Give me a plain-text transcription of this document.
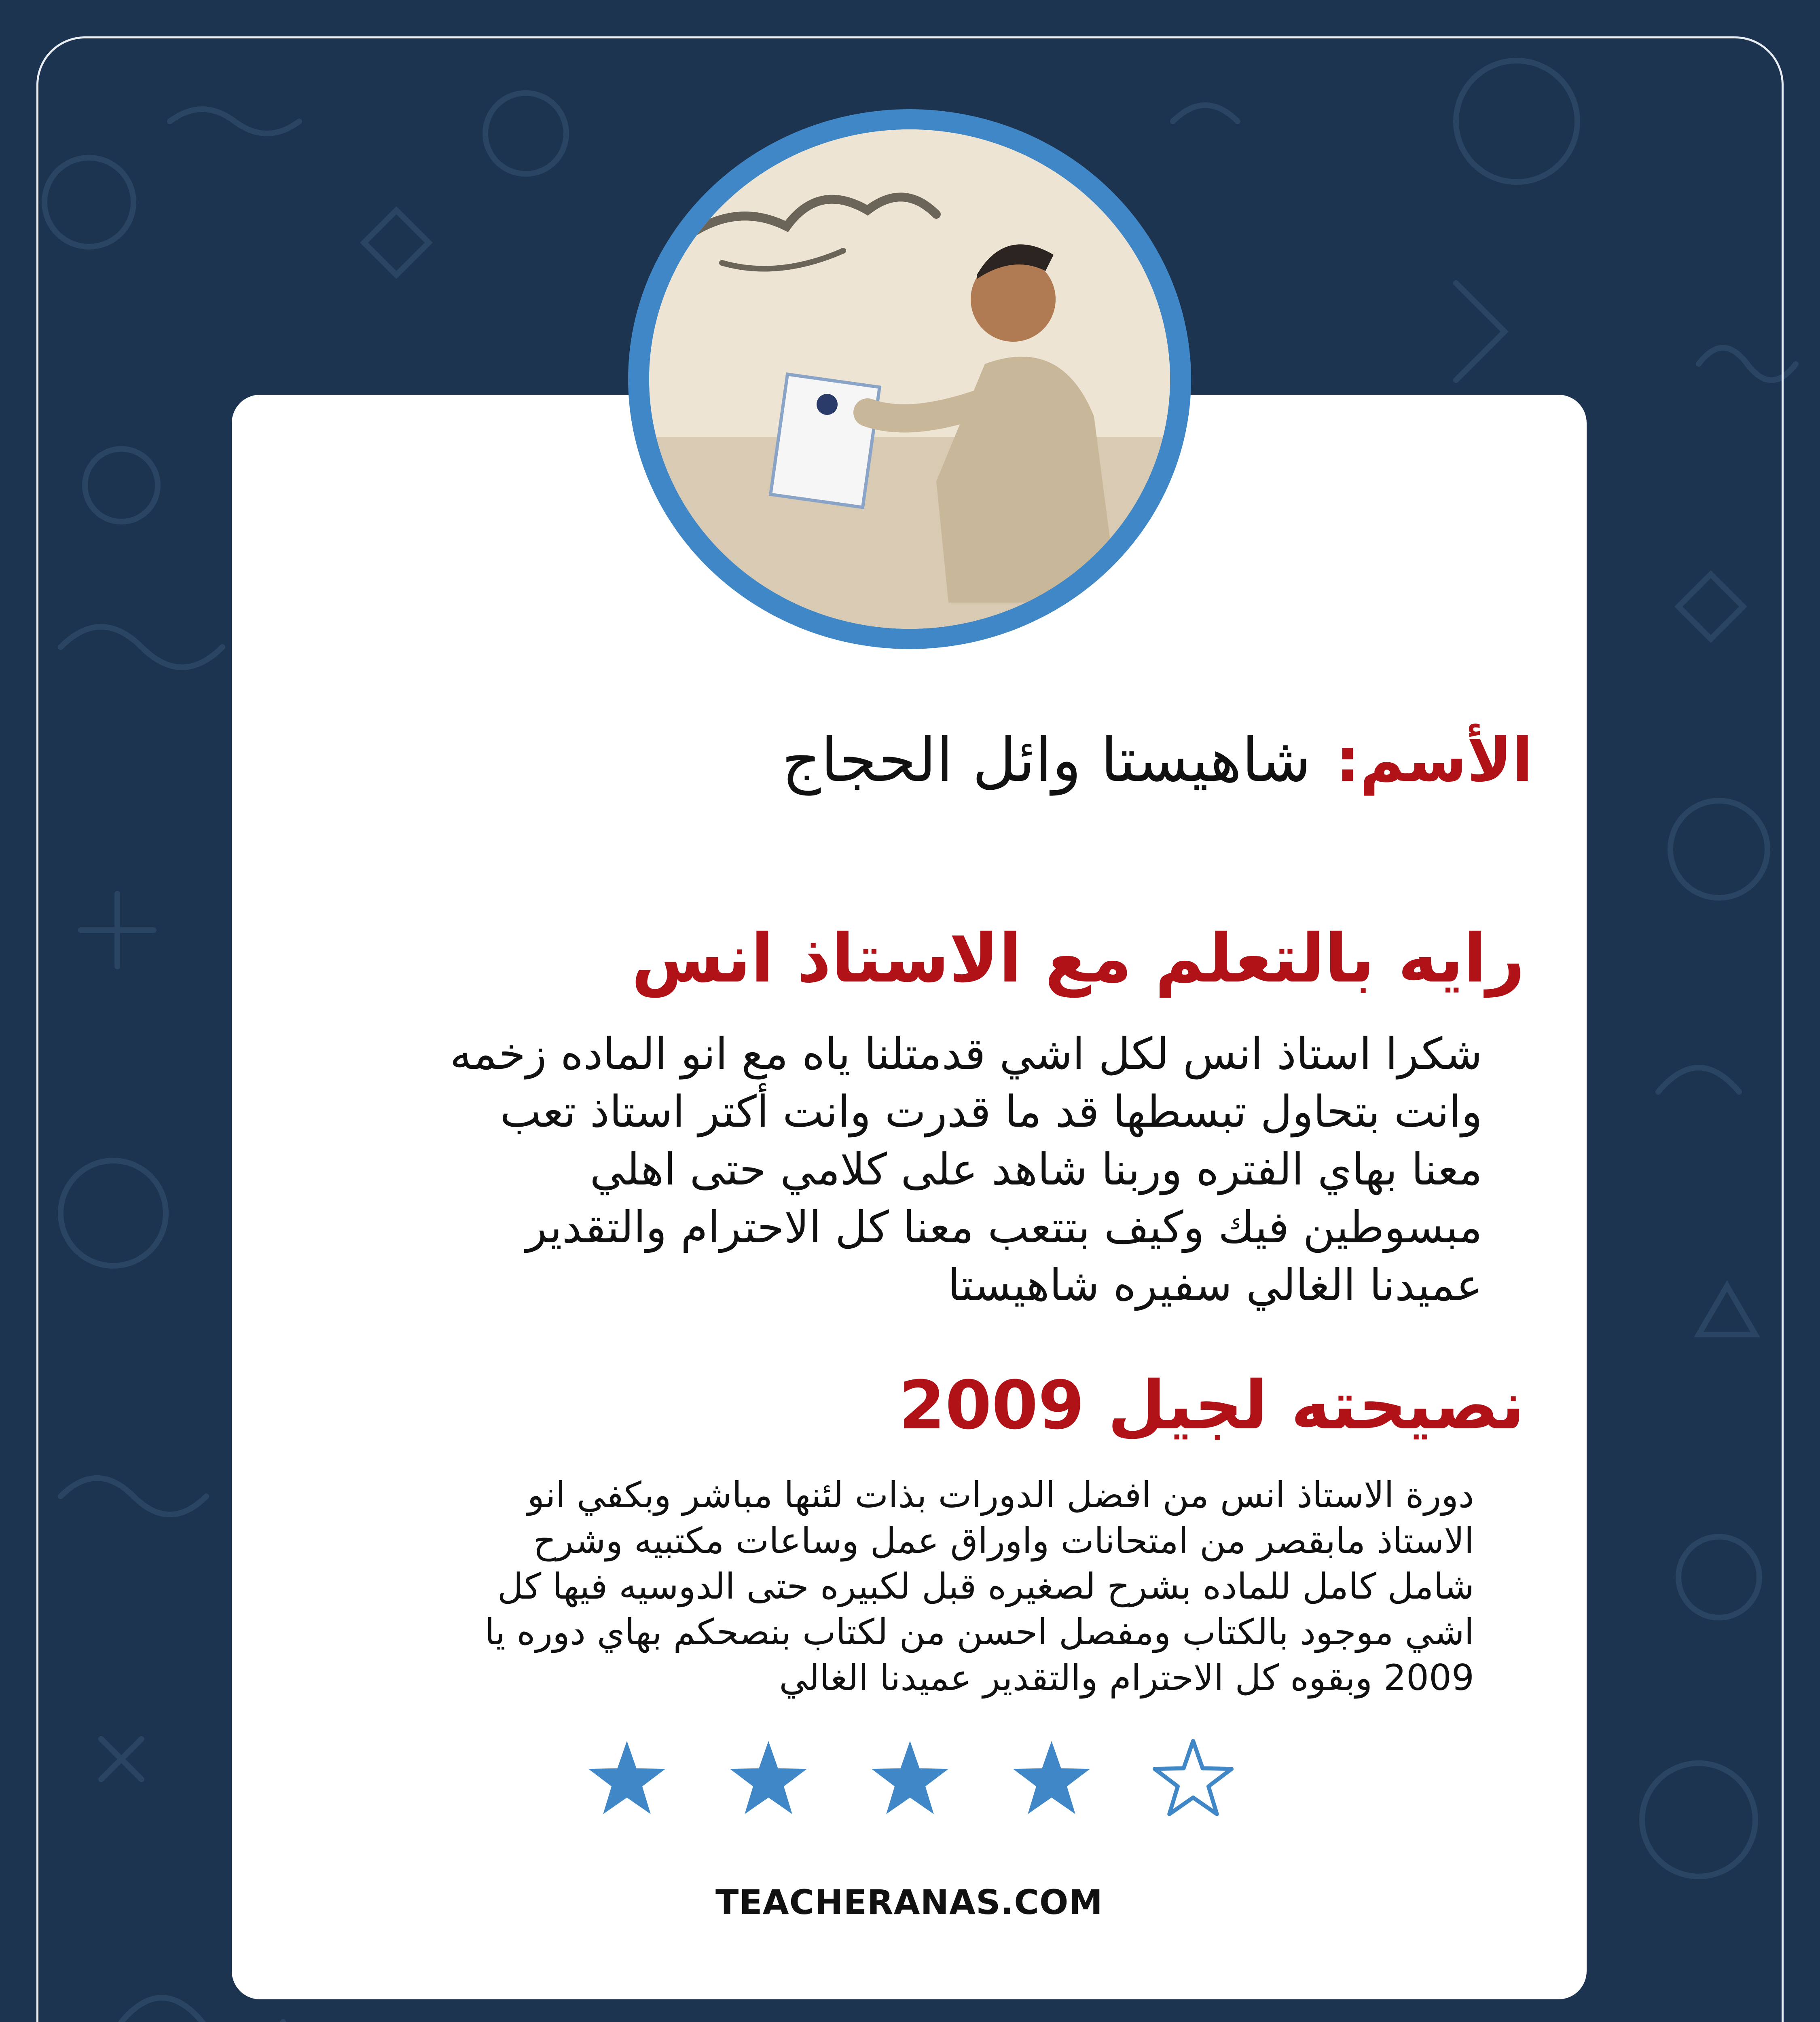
الأسم:
شاهيستا وائل الحجاج
رايه بالتعلم مع الاستاذ انس
شكرا استاذ انس لكل اشي قدمتلنا ياه مع انو الماده زخمه
وانت بتحاول تبسطها قد ما قدرت وانت أكتر استاذ تعب
معنا بهاي الفتره وربنا شاهد على كلامي حتى اهلي
مبسوطين فيك وكيف بتتعب معنا كل الاحترام والتقدير
عميدنا الغالي سفيره شاهيستا
نصيحته لجيل 2009
دورة الاستاذ انس من افضل الدورات بذات لئنها مباشر وبكفي انو
الاستاذ مابقصر من امتحانات واوراق عمل وساعات مكتبيه وشرح
شامل كامل للماده بشرح لصغيره قبل لكبيره حتى الدوسيه فيها كل
اشي موجود بالكتاب ومفصل احسن من لكتاب بنصحكم بهاي دوره يا
2009 وبقوه كل الاحترام والتقدير عميدنا الغالي
TEACHERANAS.COM
